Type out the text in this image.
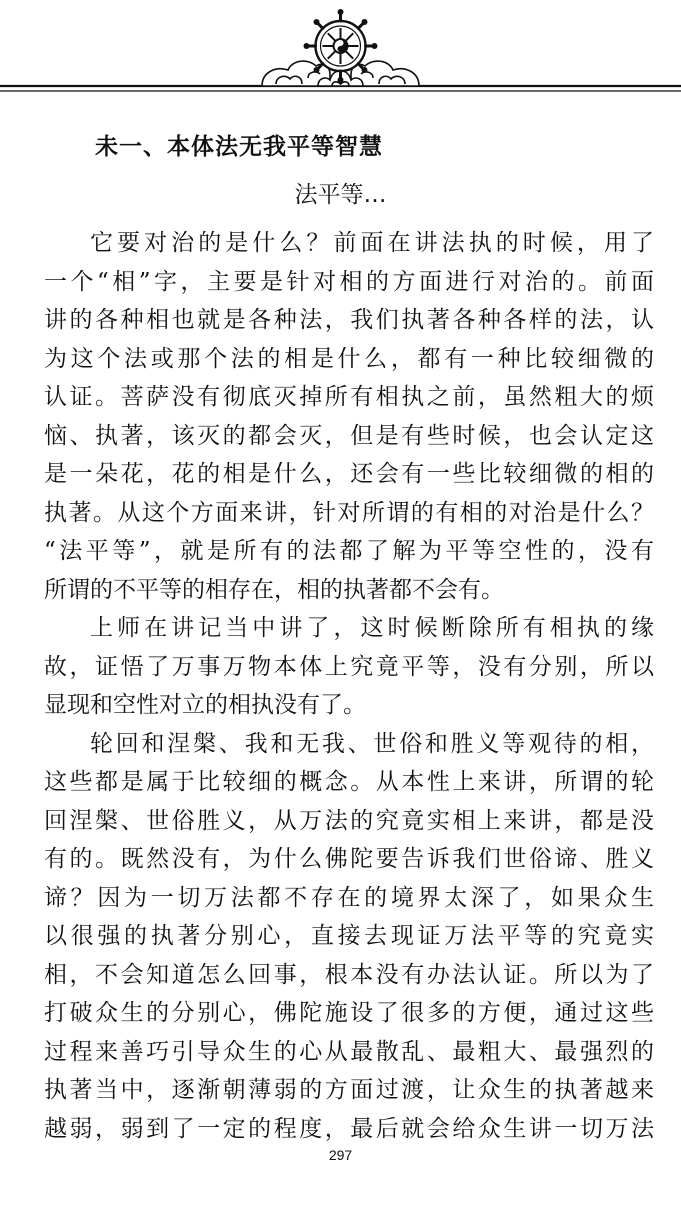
未一、本体法无我平等智慧
法平等…
它要对治的是什么？前面在讲法执的时候，用了
一个“相”字，主要是针对相的方面进行对治的。前面
讲的各种相也就是各种法，我们执著各种各样的法，认
为这个法或那个法的相是什么，都有一种比较细微的
认证。菩萨没有彻底灭掉所有相执之前，虽然粗大的烦
恼、执著，该灭的都会灭，但是有些时候，也会认定这
是一朵花，花的相是什么，还会有一些比较细微的相的
执著。从这个方面来讲，针对所谓的有相的对治是什么？
“法平等”，就是所有的法都了解为平等空性的，没有
所谓的不平等的相存在，相的执著都不会有。
上师在讲记当中讲了，这时候断除所有相执的缘
故，证悟了万事万物本体上究竟平等，没有分别，所以
显现和空性对立的相执没有了。
轮回和涅槃、我和无我、世俗和胜义等观待的相，
这些都是属于比较细的概念。从本性上来讲，所谓的轮
回涅槃、世俗胜义，从万法的究竟实相上来讲，都是没
有的。既然没有，为什么佛陀要告诉我们世俗谛、胜义
谛？因为一切万法都不存在的境界太深了，如果众生
以很强的执著分别心，直接去现证万法平等的究竟实
相，不会知道怎么回事，根本没有办法认证。所以为了
打破众生的分别心，佛陀施设了很多的方便，通过这些
过程来善巧引导众生的心从最散乱、最粗大、最强烈的
执著当中，逐渐朝薄弱的方面过渡，让众生的执著越来
越弱，弱到了一定的程度，最后就会给众生讲一切万法
297
